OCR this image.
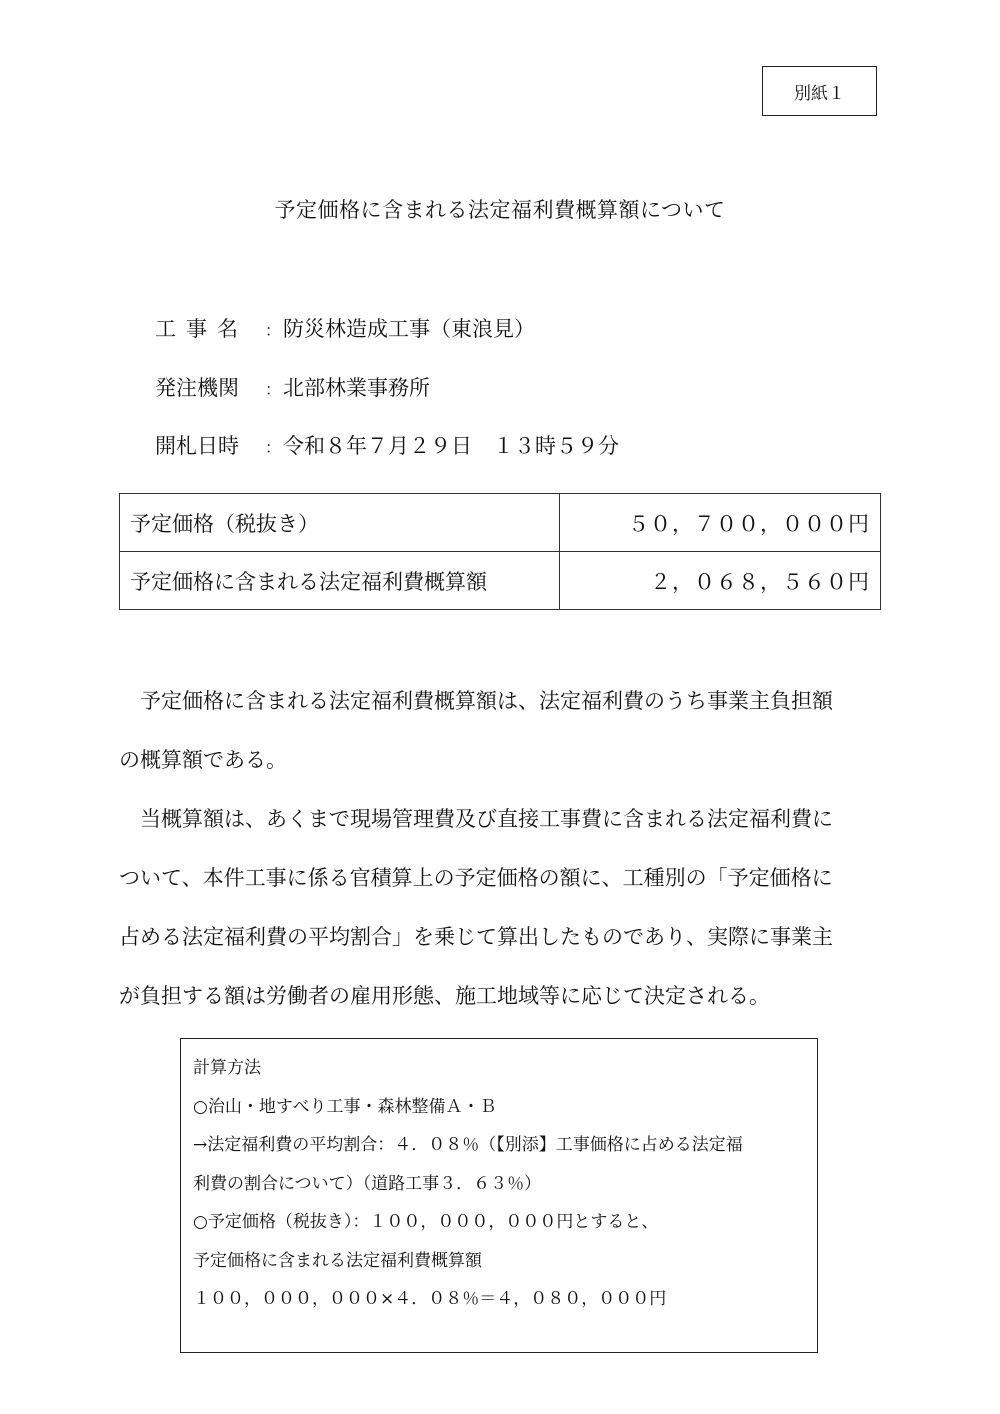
別紙１
予定価格に含まれる法定福利費概算額について
工事名	： 防災林造成工事（東浪見）
発注機関	： 北部林業事務所
開札日時	： 令和８年７月２９日　１３時５９分
予定価格（税抜き）	５０，７００，０００円
予定価格に含まれる法定福利費概算額	２，０６８，５６０円
　予定価格に含まれる法定福利費概算額は、法定福利費のうち事業主負担額
の概算額である。
　当概算額は、あくまで現場管理費及び直接工事費に含まれる法定福利費に
ついて、本件工事に係る官積算上の予定価格の額に、工種別の「予定価格に
占める法定福利費の平均割合」を乗じて算出したものであり、実際に事業主
が負担する額は労働者の雇用形態、施工地域等に応じて決定される。
計算方法
○治山・地すべり工事・森林整備Ａ・Ｂ
→法定福利費の平均割合：４．０８％（【別添】工事価格に占める法定福
利費の割合について）（道路工事３．６３％）
○予定価格（税抜き）：１００，０００，０００円とすると、
予定価格に含まれる法定福利費概算額
１００，０００，０００×４．０８％＝４，０８０，０００円
